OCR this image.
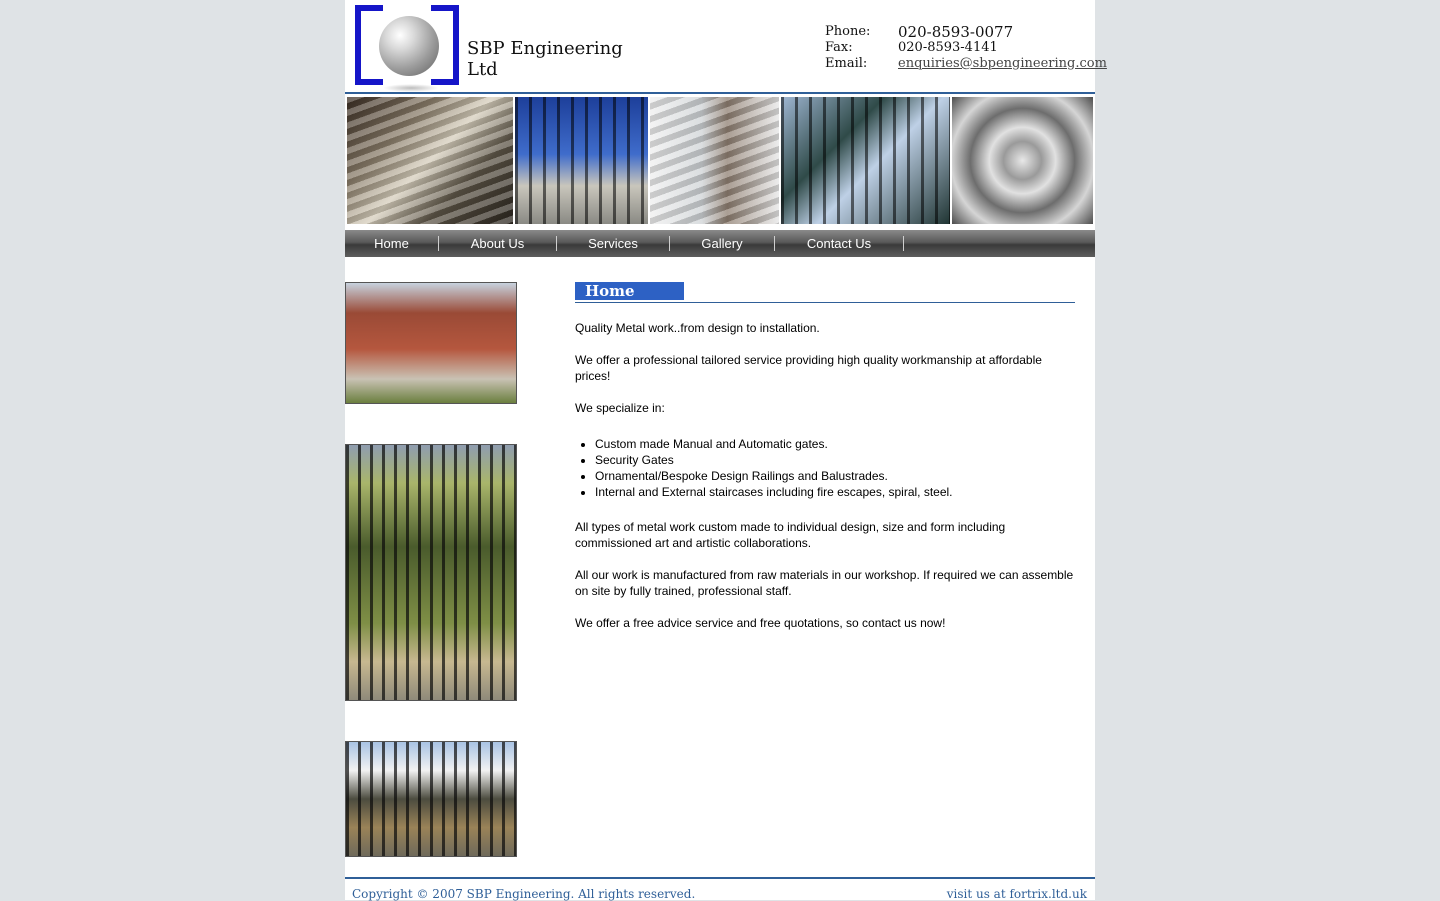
SBP Engineering Ltd
Phone: 020-8593-0077
Fax:	020-8593-4141
Email: enquiries@sbpengineering.com
Home	About Us	Services	Gallery	Contact Us
Home

Quality Metal work..from design to installation.

We offer a professional tailored service providing high quality workmanship at affordable prices!

We specialize in:

• Custom made Manual and Automatic gates.
• Security Gates
• Ornamental/Bespoke Design Railings and Balustrades.
• Internal and External staircases including fire escapes, spiral, steel.

All types of metal work custom made to individual design, size and form including commissioned art and artistic collaborations.

All our work is manufactured from raw materials in our workshop. If required we can assemble on site by fully trained, professional staff.

We offer a free advice service and free quotations, so contact us now!

Copyright © 2007 SBP Engineering. All rights reserved.	visit us at fortrix.ltd.uk
